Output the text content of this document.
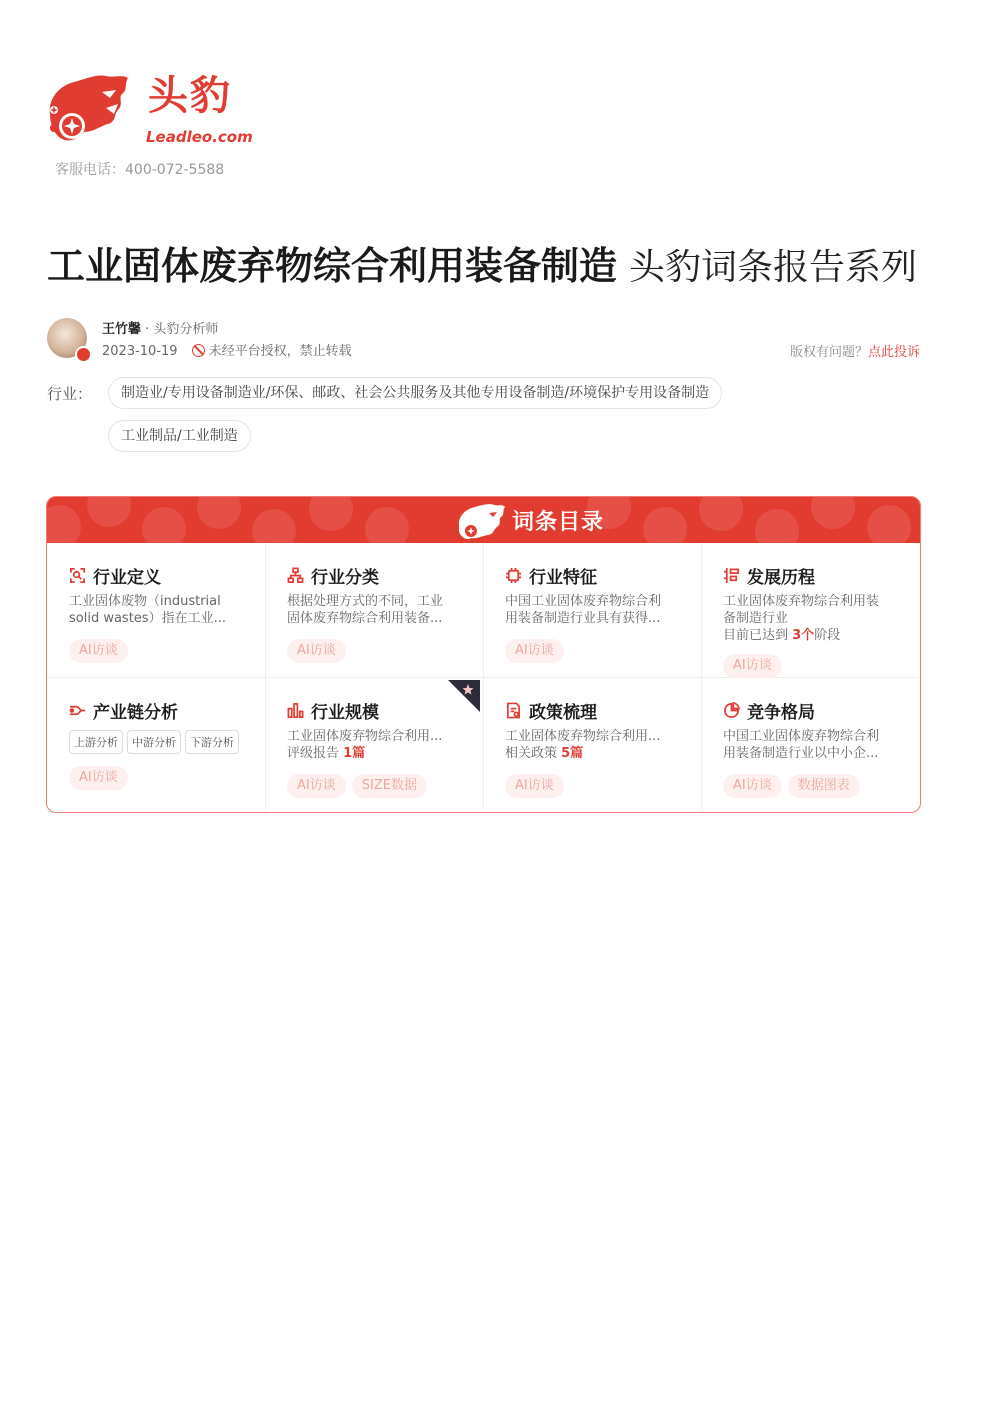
头豹
Leadleo.com
客服电话：400-072-5588
工业固体废弃物综合利用装备制造 头豹词条报告系列
王竹馨 · 头豹分析师
2023-10-19 未经平台授权，禁止转载	版权有问题？点此投诉
行业：	制造业/专用设备制造业/环保、邮政、社会公共服务及其他专用设备制造/环境保护专用设备制造
工业制品/工业制造
词条目录
行业定义
工业固体废物（industrial
solid wastes）指在工业...
AI访谈
行业分类
根据处理方式的不同，工业
固体废弃物综合利用装备...
AI访谈
行业特征
中国工业固体废弃物综合利
用装备制造行业具有获得...
AI访谈
发展历程
工业固体废弃物综合利用装
备制造行业
目前已达到 3个阶段
AI访谈
产业链分析
上游分析	中游分析	下游分析
AI访谈
行业规模
工业固体废弃物综合利用...
评级报告 1篇
AI访谈 SIZE数据
政策梳理
工业固体废弃物综合利用...
相关政策 5篇
AI访谈
竞争格局
中国工业固体废弃物综合利
用装备制造行业以中小企...
AI访谈 数据图表
